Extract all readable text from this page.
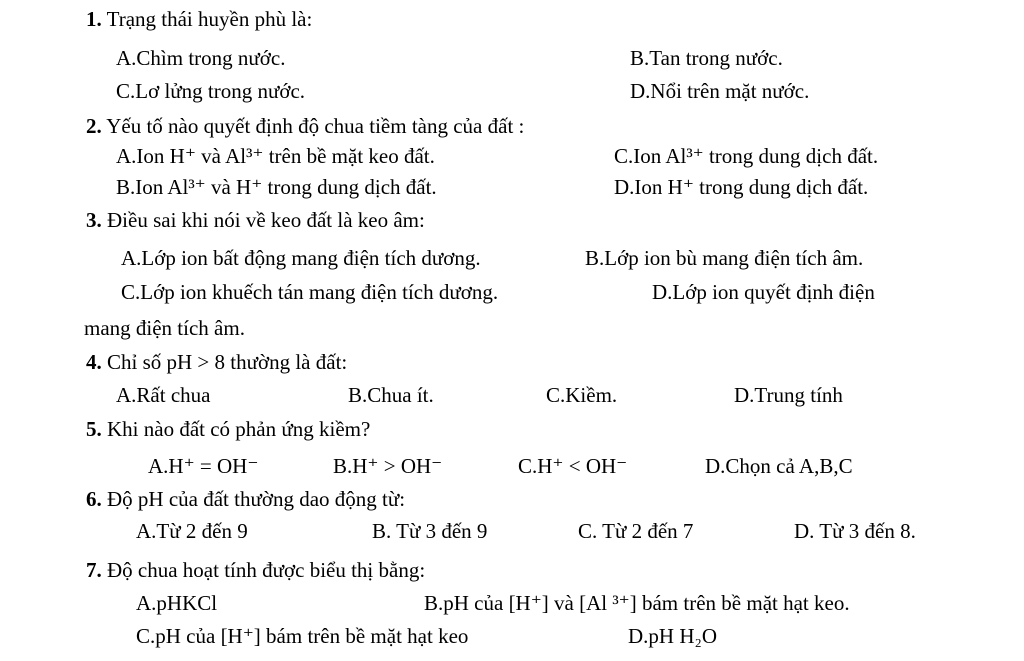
1. Trạng thái huyền phù là:
A.Chìm trong nước.	B.Tan trong nước.
C.Lơ lửng trong nước.	D.Nổi trên mặt nước.
2. Yếu tố nào quyết định độ chua tiềm tàng của đất :
A.Ion H⁺ và Al³⁺ trên bề mặt keo đất.	C.Ion Al³⁺ trong dung dịch đất.
B.Ion Al³⁺ và H⁺ trong dung dịch đất.	D.Ion H⁺ trong dung dịch đất.
3. Điều sai khi nói về keo đất là keo âm:
A.Lớp ion bất động mang điện tích dương.	B.Lớp ion bù mang điện tích âm.
C.Lớp ion khuếch tán mang điện tích dương.	D.Lớp ion quyết định điện
mang điện tích âm.
4. Chỉ số pH > 8 thường là đất:
A.Rất chua	B.Chua ít.	C.Kiềm.	D.Trung tính
5. Khi nào đất có phản ứng kiềm?
A.H⁺ = OH⁻	B.H⁺ > OH⁻	C.H⁺ < OH⁻	D.Chọn cả A,B,C
6. Độ pH của đất thường dao động từ:
A.Từ 2 đến 9	B. Từ 3 đến 9	C. Từ 2 đến 7	D. Từ 3 đến 8.
7. Độ chua hoạt tính được biểu thị bằng:
A.pHKCl	B.pH của [H⁺] và [Al ³⁺] bám trên bề mặt hạt keo.
C.pH của [H⁺] bám trên bề mặt hạt keo	D.pH H₂O
